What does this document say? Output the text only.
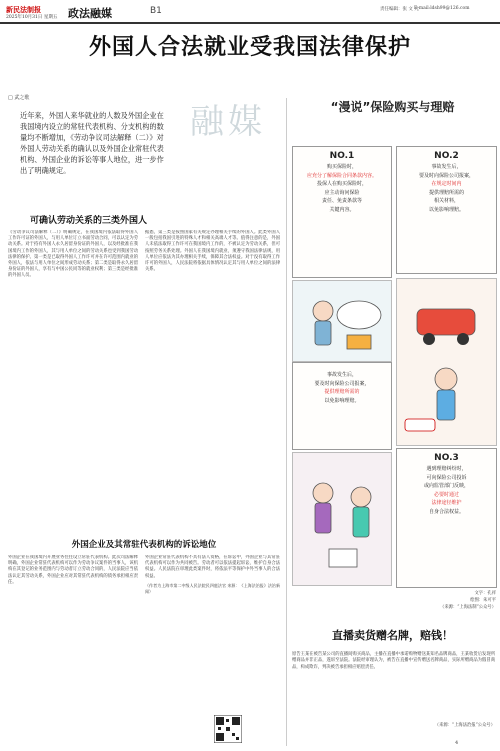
新民法制报
2025年10月31日 星期五 政法融媒	B1	责任编辑：张 文 元
E-mail:ldsh99@126.com
外国人合法就业受我国法律保护
□ 武之歌
近年来，外国人来华就业的人数及外国企业在我国境内设立的常驻代表机构、分支机构的数量均不断增加，《劳动争议司法解释（二）》对外国人劳动关系的确认以及外国企业常驻代表机构、外国企业的诉讼等事人地位，进一步作出了明确规定。
融媒
可确认劳动关系的三类外国人
《劳动争议司法解释（二）》明确规定，在我国境内依法取得外国人工作许可证的外国人，与用人单位订立书面劳动合同，可以认定为劳动关系。对于持有外国人永久居留身份证的外国人，以及经批准在我国境内工作的外国人，其与用人单位之间的劳动关系也受到我国劳动法律的保护。第一类是已取得外国人工作许可并在许可范围内就业的外国人，依法与用人单位之间形成劳动关系；第二类是取得永久居留身份证的外国人，享有与中国公民同等的就业权利；第三类是经批准的外国人员。
据悉，第三类是按照国家有关规定办理相关手续的外国人。此类外国人一般包括我国引进的特殊人才和相关高端人才等。值得注意的是，外国人未依法取得工作许可在我国境内工作的，不被认定为劳动关系，但可按照劳务关系处理。外国人在我国境内就业，须遵守我国法律法规，用人单位应依法为其办理相关手续，保障其合法权益。对于没有取得工作许可的外国人，人民法院将依据具体情况认定其与用人单位之间的法律关系。
外国企业及其常驻代表机构的诉讼地位
外国企业在我国境内开展业务往往设立常驻代表机构。此次司法解释明确，外国企业常驻代表机构可以作为劳动争议案件的当事人，该机构在其登记的业务范围内与劳动者订立劳动合同的，人民法院应当依法认定其劳动关系，外国企业应对其常驻代表机构的债务承担相应责任。
外国企业常驻代表机构不具有法人资格，在诉讼中，外国企业与其常驻代表机构可以作为共同被告。劳动者可以依法提起诉讼，维护自身合法权益。人民法院在审理此类案件时，将依法平等保护中外当事人的合法权益。
（作者为上海市第二中级人民法院民四庭法官 来源：《上海法治报》法治新闻）
“漫说”保险购买与理赔
NO.1
购买保险时，
应充分了解保险合同条款内容。
投保人在购买保险时，
应主动询问保险
责任、免责条款等
关键内容。
NO.2
事故发生后，
要及时向保险公司报案，
在规定时间内
提供理赔所需的
相关材料，
以免影响理赔。
事故发生后，
要及时向保险公司报案，
提供理赔所需的
以免影响理赔。
NO.3
遇到理赔纠纷时，
可向保险公司投诉
或向监管部门反映，
必要时通过
法律途径维护
自身合法权益。
文字：孔祥
绘图：朱可平
（来源：“上海法制”公众号）
直播卖货赠名牌，赔钱！
原告王某在被告某公司的直播间购买商品，主播在直播中承诺购物赠送某知名品牌商品，王某收货后发现所赠商品并非正品，遂诉至法院。法院经审理认为，被告在直播中宣传赠送名牌商品，实际所赠商品为假冒商品，构成欺诈，判决被告承担相应赔偿责任。
（来源：“上海法治报”公众号）
4
